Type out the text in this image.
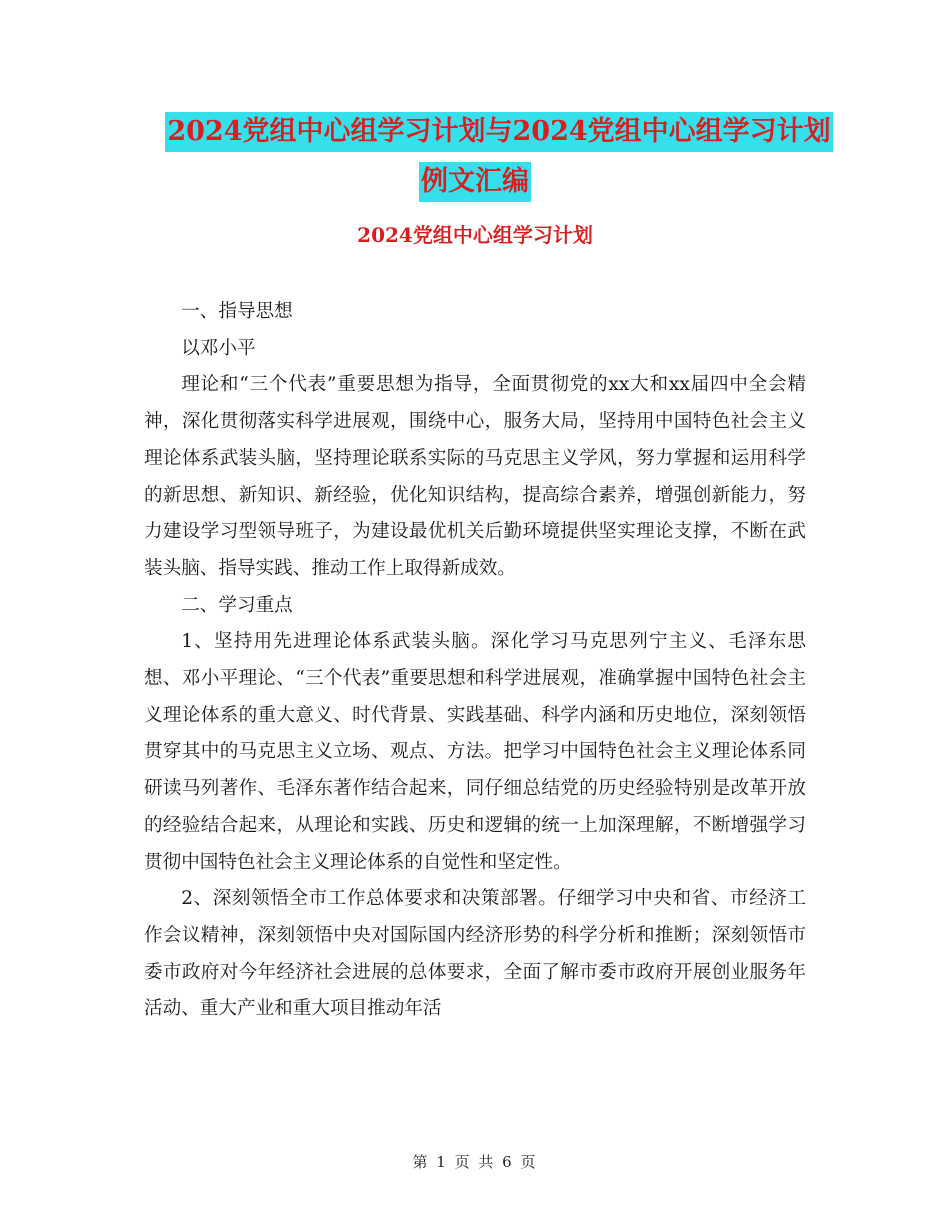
2024党组中心组学习计划与2024党组中心组学习计划
例文汇编
2024党组中心组学习计划

一、指导思想

以邓小平

理论和“三个代表”重要思想为指导，全面贯彻党的xx大和xx届四中全会精神，深化贯彻落实科学进展观，围绕中心，服务大局，坚持用中国特色社会主义理论体系武装头脑，坚持理论联系实际的马克思主义学风，努力掌握和运用科学的新思想、新知识、新经验，优化知识结构，提高综合素养，增强创新能力，努力建设学习型领导班子，为建设最优机关后勤环境提供坚实理论支撑，不断在武装头脑、指导实践、推动工作上取得新成效。

二、学习重点

1、坚持用先进理论体系武装头脑。深化学习马克思列宁主义、毛泽东思想、邓小平理论、“三个代表”重要思想和科学进展观，准确掌握中国特色社会主义理论体系的重大意义、时代背景、实践基础、科学内涵和历史地位，深刻领悟贯穿其中的马克思主义立场、观点、方法。把学习中国特色社会主义理论体系同研读马列著作、毛泽东著作结合起来，同仔细总结党的历史经验特别是改革开放的经验结合起来，从理论和实践、历史和逻辑的统一上加深理解，不断增强学习贯彻中国特色社会主义理论体系的自觉性和坚定性。

2、深刻领悟全市工作总体要求和决策部署。仔细学习中央和省、市经济工作会议精神，深刻领悟中央对国际国内经济形势的科学分析和推断；深刻领悟市委市政府对今年经济社会进展的总体要求，全面了解市委市政府开展创业服务年活动、重大产业和重大项目推动年活

第 1 页 共 6 页
